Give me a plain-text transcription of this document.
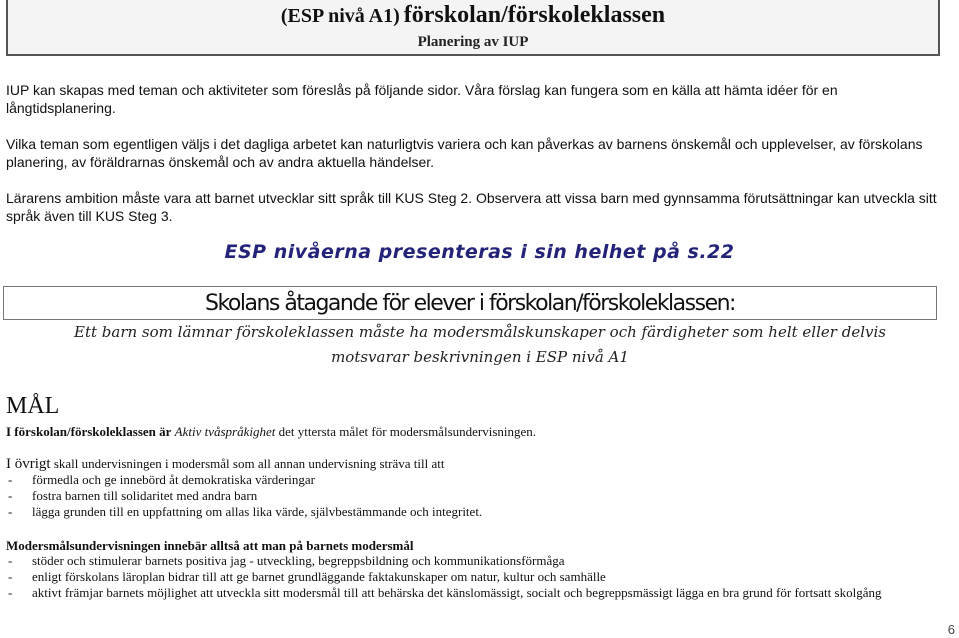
(ESP nivå A1) förskolan/förskoleklassen
Planering av IUP

IUP kan skapas med teman och aktiviteter som föreslås på följande sidor. Våra förslag kan fungera som en källa att hämta idéer för en långtidsplanering.

Vilka teman som egentligen väljs i det dagliga arbetet kan naturligtvis variera och kan påverkas av barnens önskemål och upplevelser, av förskolans planering, av föräldrarnas önskemål och av andra aktuella händelser.

Lärarens ambition måste vara att barnet utvecklar sitt språk till KUS Steg 2. Observera att vissa barn med gynnsamma förutsättningar kan utveckla sitt språk även till KUS Steg 3.

ESP nivåerna presenteras i sin helhet på s.22
Skolans åtagande för elever i förskolan/förskoleklassen:
Ett barn som lämnar förskoleklassen måste ha modersmålskunskaper och färdigheter som helt eller delvis motsvarar beskrivningen i ESP nivå A1
MÅL
I förskolan/förskoleklassen är Aktiv tvåspråkighet det yttersta målet för modersmålsundervisningen.
I övrigt skall undervisningen i modersmål som all annan undervisning sträva till att
- förmedla och ge innebörd åt demokratiska värderingar
- fostra barnen till solidaritet med andra barn
- lägga grunden till en uppfattning om allas lika värde, självbestämmande och integritet.
Modersmålsundervisningen innebär alltså att man på barnets modersmål
- stöder och stimulerar barnets positiva jag - utveckling, begreppsbildning och kommunikationsförmåga
- enligt förskolans läroplan bidrar till att ge barnet grundläggande faktakunskaper om natur, kultur och samhälle
- aktivt främjar barnets möjlighet att utveckla sitt modersmål till att behärska det känslomässigt, socialt och begreppsmässigt lägga en bra grund för fortsatt skolgång
6
